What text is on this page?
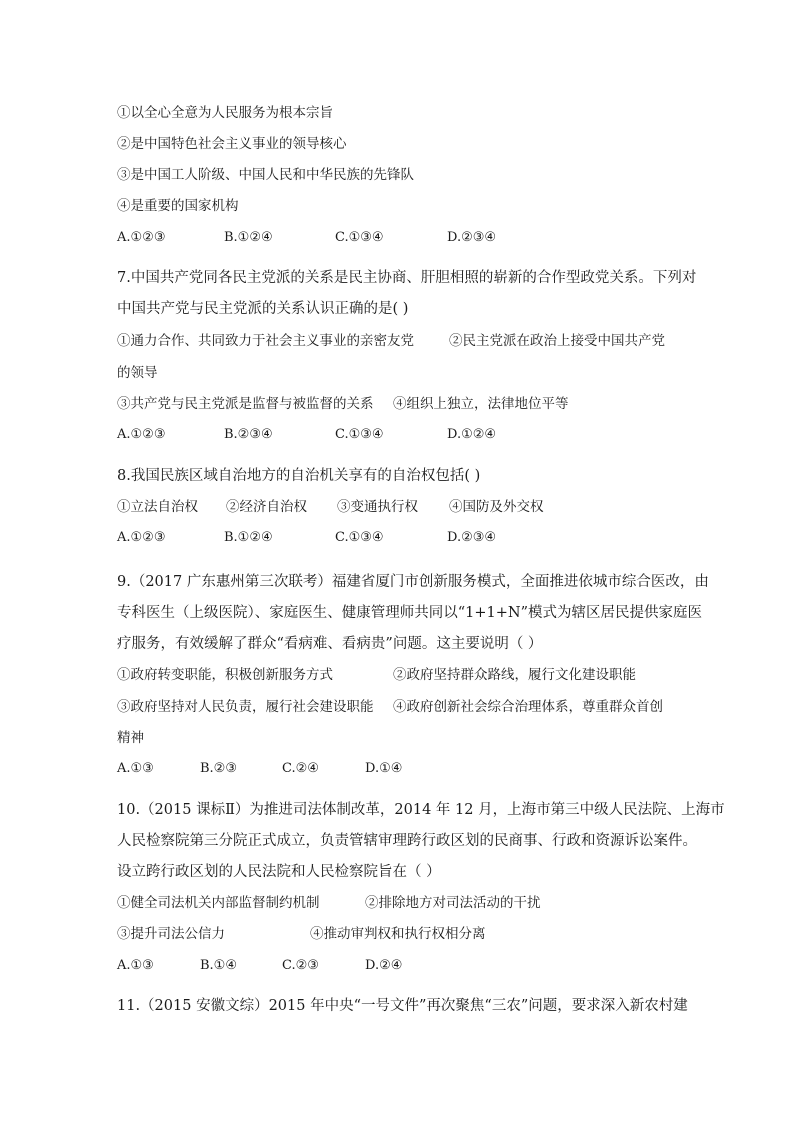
①以全心全意为人民服务为根本宗旨
②是中国特色社会主义事业的领导核心
③是中国工人阶级、中国人民和中华民族的先锋队
④是重要的国家机构
A.①②③	B.①②④	C.①③④	D.②③④
7.中国共产党同各民主党派的关系是民主协商、肝胆相照的崭新的合作型政党关系。下列对
中国共产党与民主党派的关系认识正确的是( )
①通力合作、共同致力于社会主义事业的亲密友党	②民主党派在政治上接受中国共产党
的领导
③共产党与民主党派是监督与被监督的关系 ④组织上独立，法律地位平等
A.①②③	B.②③④	C.①③④	D.①②④
8.我国民族区域自治地方的自治机关享有的自治权包括( )
①立法自治权 ②经济自治权 ③变通执行权 ④国防及外交权
A.①②③	B.①②④	C.①③④	D.②③④
9.（2017 广东惠州第三次联考）福建省厦门市创新服务模式，全面推进依城市综合医改，由
专科医生（上级医院）、家庭医生、健康管理师共同以“1+1+N”模式为辖区居民提供家庭医
疗服务，有效缓解了群众“看病难、看病贵”问题。这主要说明（ ）
①政府转变职能，积极创新服务方式	②政府坚持群众路线，履行文化建设职能
③政府坚持对人民负责，履行社会建设职能 ④政府创新社会综合治理体系，尊重群众首创
精神
A.①③	B.②③	C.②④	D.①④
10.（2015 课标Ⅱ）为推进司法体制改革，2014 年 12 月，上海市第三中级人民法院、上海市
人民检察院第三分院正式成立，负责管辖审理跨行政区划的民商事、行政和资源诉讼案件。
设立跨行政区划的人民法院和人民检察院旨在（ ）
①健全司法机关内部监督制约机制	②排除地方对司法活动的干扰
③提升司法公信力	④推动审判权和执行权相分离
A.①③	B.①④	C.②③	D.②④
11.（2015 安徽文综）2015 年中央“一号文件”再次聚焦“三农”问题，要求深入新农村建
